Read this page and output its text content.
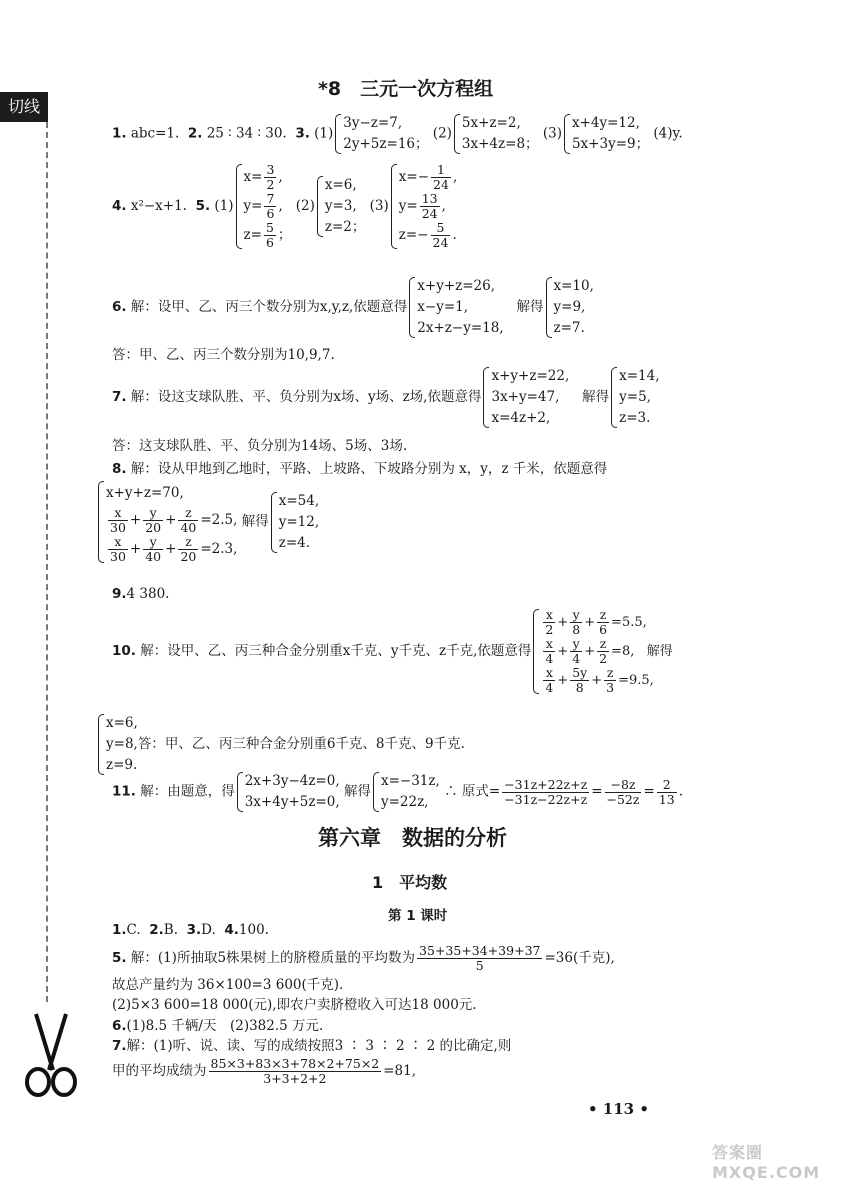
切线
*8　三元一次方程组
1. abc=1. 2. 25 ∶ 34 ∶ 30. 3. (1)
3y−z=7,
2y+5z=16；
(2)
5x+z=2,
3x+4z=8；
(3)
x+4y=12,
5x+3y=9；
(4)y.
4. x²−x+1. 5. (1)
$x= \frac{3}{2}$ ,
$y= \frac{7}{6}$ ,
$z= \frac{5}{6}$ ；
(2)
x=6,
y=3,
z=2；
(3)
$x=- \frac{1}{24}$ ,
$y= \frac{13}{24}$ ,
$z=- \frac{5}{24}$ .
6. 解：设甲、乙、丙三个数分别为x,y,z,依题意得
x+y+z=26,
x−y=1,
2x+z−y=18,
解得
x=10,
y=9,
z=7.
答：甲、乙、丙三个数分别为10,9,7.
7. 解：设这支球队胜、平、负分别为x场、y场、z场,依题意得
x+y+z=22,
3x+y=47,
x=4z+2,
解得
x=14,
y=5,
z=3.
答：这支球队胜、平、负分别为14场、5场、3场.
8. 解：设从甲地到乙地时，平路、上坡路、下坡路分别为 x，y，z 千米，依题意得
x+y+z=70,
$\frac{x}{30} + \frac{y}{20} + \frac{z}{40} =2.5$,
$\frac{x}{30} + \frac{y}{40} + \frac{z}{20} =2.3$,
解得
x=54,
y=12,
z=4.
9.4 380.
10. 解：设甲、乙、丙三种合金分别重x千克、y千克、z千克,依题意得
$\frac{x}{2} + \frac{y}{8} + \frac{z}{6} =5.5$,
$\frac{x}{4} + \frac{y}{4} + \frac{z}{2} =8$, 解得
$\frac{x}{4} + \frac{5y}{8} + \frac{z}{3} =9.5$,
x=6,
y=8,
z=9.
答：甲、乙、丙三种合金分别重6千克、8千克、9千克.
11. 解：由题意，得
2x+3y−4z=0,
3x+4y+5z=0,
解得
x=−31z,
y=22z,
∴ 原式= $\frac{-31z+22z+z}{-31z-22z+z} = \frac{-8z}{-52z} = \frac{2}{13}$ .
第六章　数据的分析
1　平均数
第 1 课时
1.C. 2.B. 3.D. 4.100.
5. 解：(1)所抽取5株果树上的脐橙质量的平均数为 $\frac{35+35+34+39+37}{5} =36$(千克),
故总产量约为 36×100=3 600(千克).
(2)5×3 600=18 000(元),即农户卖脐橙收入可达18 000元.
6.(1)8.5 千辆/天　(2)382.5 万元.
7.解：(1)听、说、读、写的成绩按照3 ∶ 3 ∶ 2 ∶ 2 的比确定,则
甲的平均成绩为 $\frac{85\times 3+83\times 3+78\times 2+75\times 2}{3+3+2+2} =81$,
• 113 •
答案圈 MXQE.COM
